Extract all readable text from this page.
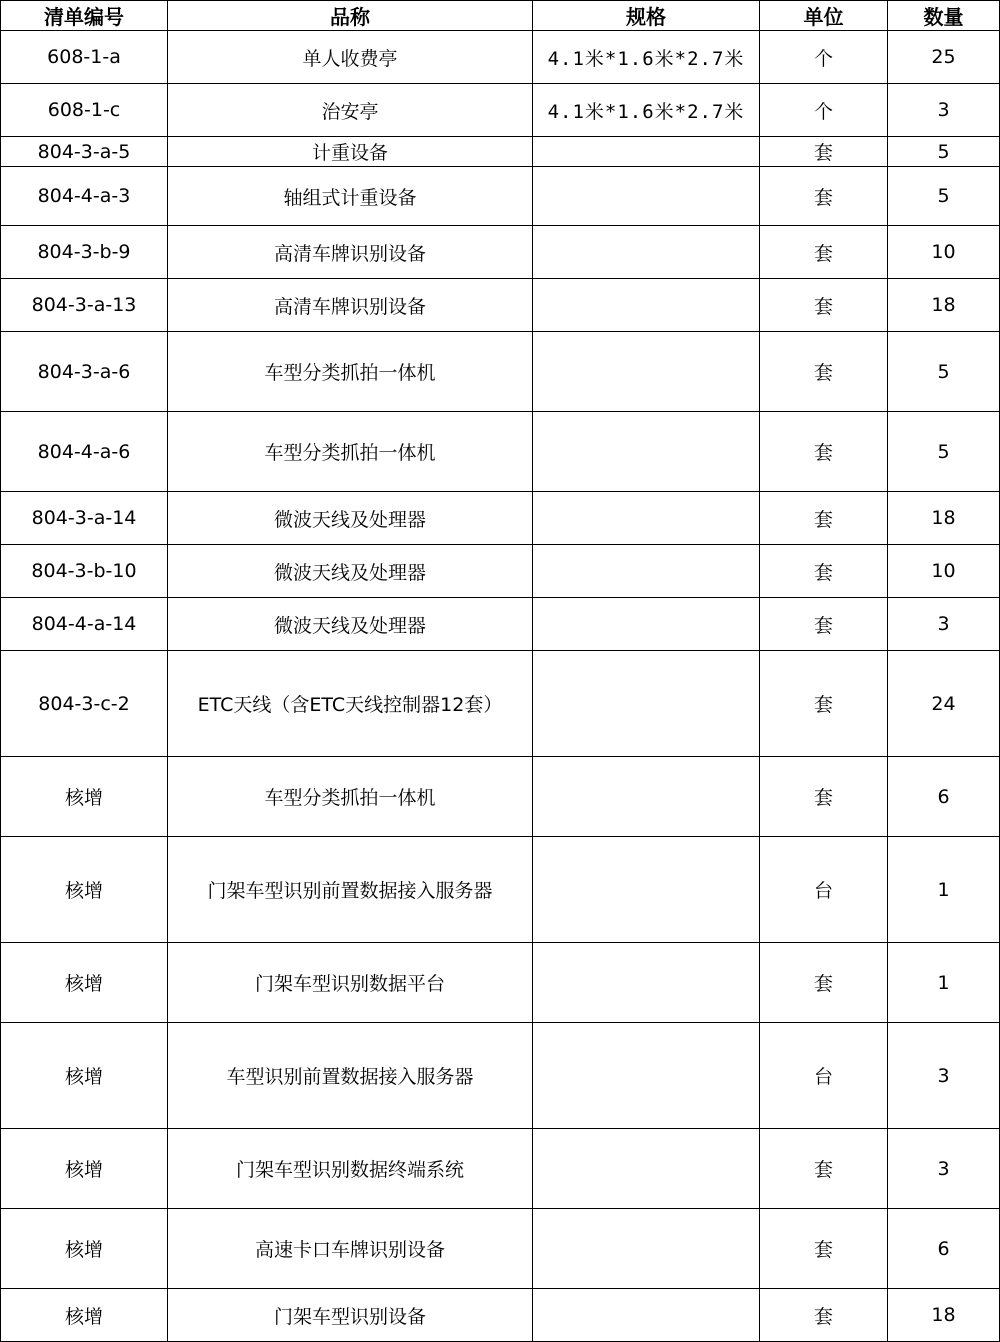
清单编号	品称	规格	单位	数量
608-1-a	单人收费亭	4.1米*1.6米*2.7米	个	25
608-1-c	治安亭	4.1米*1.6米*2.7米	个	3
804-3-a-5	计重设备		套	5
804-4-a-3	轴组式计重设备		套	5
804-3-b-9	高清车牌识别设备		套	10
804-3-a-13	高清车牌识别设备		套	18
804-3-a-6	车型分类抓拍一体机		套	5
804-4-a-6	车型分类抓拍一体机		套	5
804-3-a-14	微波天线及处理器		套	18
804-3-b-10	微波天线及处理器		套	10
804-4-a-14	微波天线及处理器		套	3
804-3-c-2	ETC天线（含ETC天线控制器12套）		套	24
核增	车型分类抓拍一体机		套	6
核增	门架车型识别前置数据接入服务器		台	1
核增	门架车型识别数据平台		套	1
核增	车型识别前置数据接入服务器		台	3
核增	门架车型识别数据终端系统		套	3
核增	高速卡口车牌识别设备		套	6
核增	门架车型识别设备		套	18
